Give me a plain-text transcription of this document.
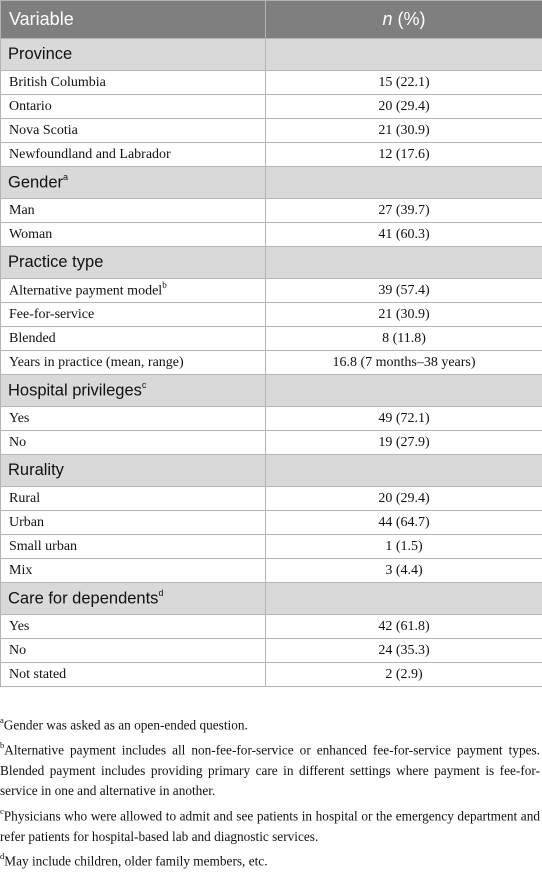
Variable	n (%)
Province	
British Columbia	15 (22.1)
Ontario	20 (29.4)
Nova Scotia	21 (30.9)
Newfoundland and Labrador	12 (17.6)
Gender$^a$	
Man	27 (39.7)
Woman	41 (60.3)
Practice type	
Alternative payment model$^b$	39 (57.4)
Fee-for-service	21 (30.9)
Blended	8 (11.8)
Years in practice (mean, range)	16.8 (7 months–38 years)
Hospital privileges$^c$	
Yes	49 (72.1)
No	19 (27.9)
Rurality	
Rural	20 (29.4)
Urban	44 (64.7)
Small urban	1 (1.5)
Mix	3 (4.4)
Care for dependents$^d$	
Yes	42 (61.8)
No	24 (35.3)
Not stated	2 (2.9)

$^a$Gender was asked as an open-ended question.

$^b$Alternative payment includes all non-fee-for-service or enhanced fee-for-service payment types. Blended payment includes providing primary care in different settings where payment is fee-for-service in one and alternative in another.

$^c$Physicians who were allowed to admit and see patients in hospital or the emergency department and refer patients for hospital-based lab and diagnostic services.

$^d$May include children, older family members, etc.
